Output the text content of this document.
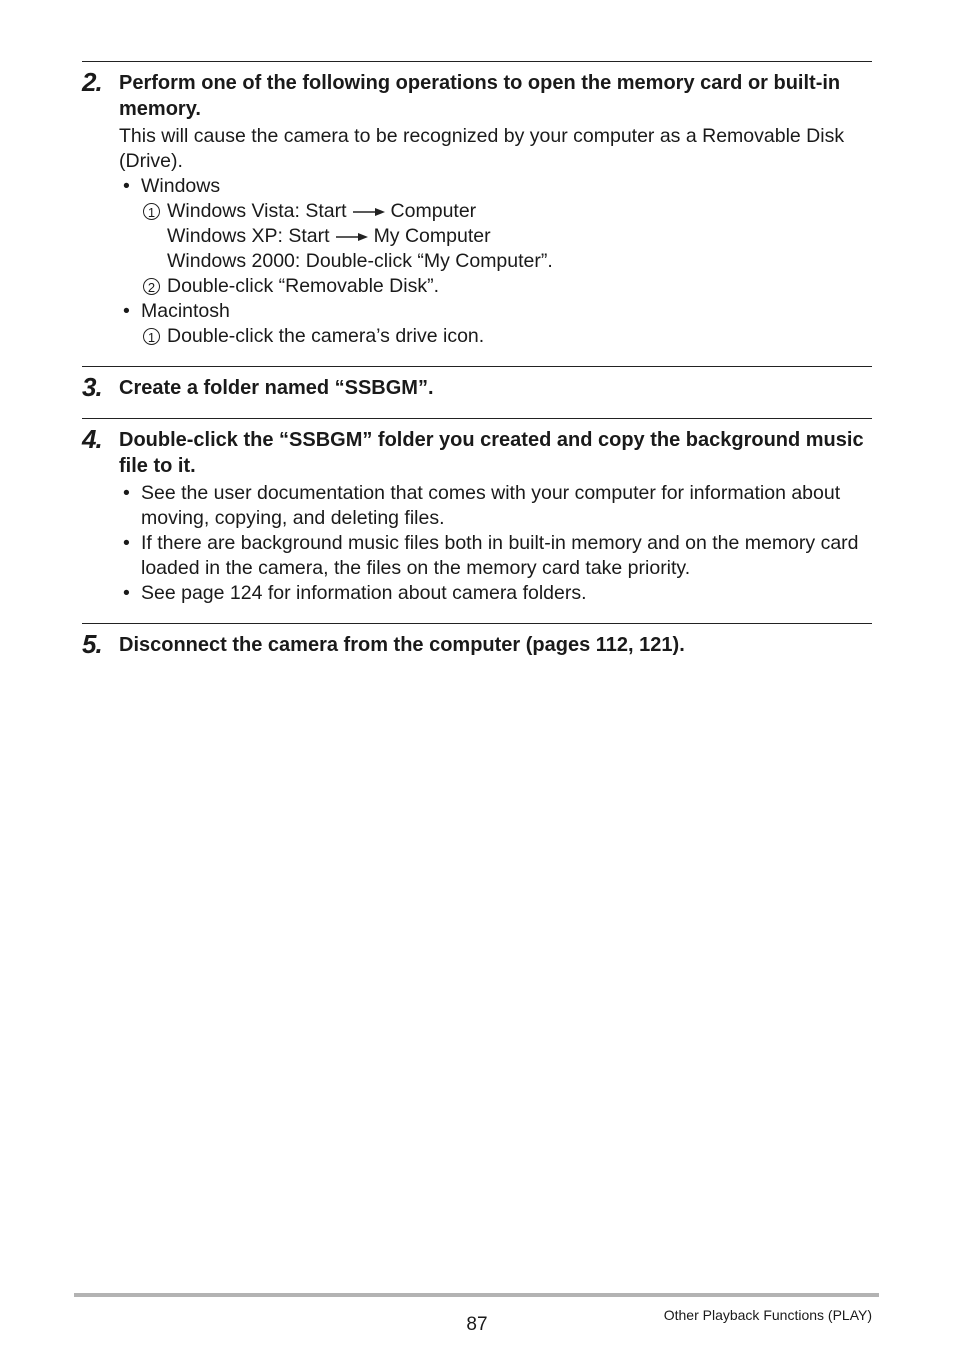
2. Perform one of the following operations to open the memory card or built-in memory.
This will cause the camera to be recognized by your computer as a Removable Disk (Drive).
• Windows
1 Windows Vista: Start Computer
Windows XP: Start My Computer
Windows 2000: Double-click “My Computer”.
2 Double-click “Removable Disk”.
• Macintosh
1 Double-click the camera’s drive icon.
3. Create a folder named “SSBGM”.
4. Double-click the “SSBGM” folder you created and copy the background music file to it.
• See the user documentation that comes with your computer for information about moving, copying, and deleting files.
• If there are background music files both in built-in memory and on the memory card loaded in the camera, the files on the memory card take priority.
• See page 124 for information about camera folders.
5. Disconnect the camera from the computer (pages 112, 121).
87	Other Playback Functions (PLAY)
